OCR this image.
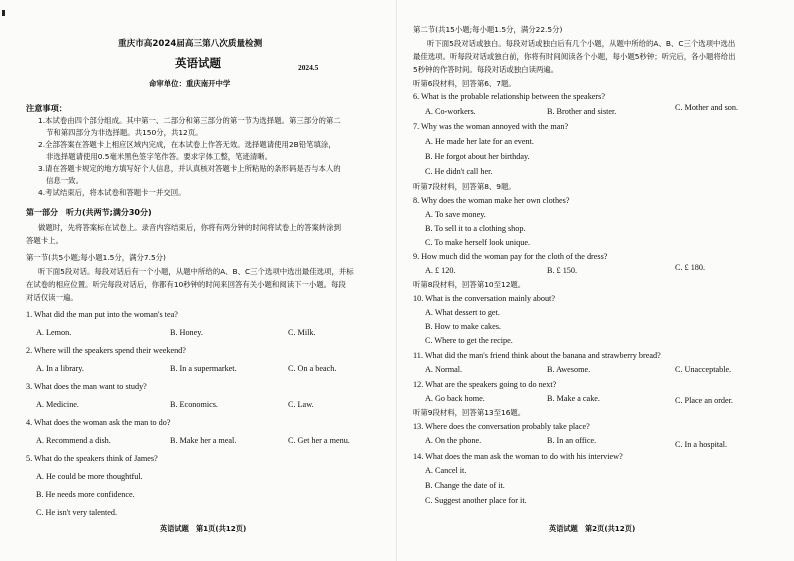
重庆市高2024届高三第八次质量检测
英语试题	2024.5
命审单位：重庆南开中学
注意事项：
1.本试卷由四个部分组成。其中第一、二部分和第三部分的第一节为选择题。第三部分的第二
节和第四部分为非选择题。共150分，共12页。
2.全部答案在答题卡上相应区域内完成，在本试卷上作答无效。选择题请使用2B铅笔填涂，
非选择题请使用0.5毫米黑色签字笔作答。要求字体工整，笔迹清晰。
3.请在答题卡规定的地方填写好个人信息，并认真核对答题卡上所粘贴的条形码是否与本人的
信息一致。
4.考试结束后，将本试卷和答题卡一并交回。
第一部分　听力(共两节;满分30分)
做题时，先将答案标在试卷上。录音内容结束后，你将有两分钟的时间将试卷上的答案转涂到
答题卡上。
第一节(共5小题;每小题1.5分，满分7.5分)
听下面5段对话。每段对话后有一个小题，从题中所给的A、B、C三个选项中选出最佳选项，并标
在试卷的相应位置。听完每段对话后，你都有10秒钟的时间来回答有关小题和阅读下一小题。每段
对话仅读一遍。
1. What did the man put into the woman's tea?
A. Lemon.	B. Honey.	C. Milk.
2. Where will the speakers spend their weekend?
A. In a library.	B. In a supermarket.	C. On a beach.
3. What does the man want to study?
A. Medicine.	B. Economics.	C. Law.
4. What does the woman ask the man to do?
A. Recommend a dish.	B. Make her a meal.	C. Get her a menu.
5. What do the speakers think of James?
A. He could be more thoughtful.
B. He needs more confidence.
C. He isn't very talented.
英语试题　第1页(共12页)
第二节(共15小题;每小题1.5分，满分22.5分)
听下面5段对话或独白。每段对话或独白后有几个小题，从题中所给的A、B、C三个选项中选出
最佳选项。听每段对话或独白前，你将有时间阅读各个小题，每小题5秒钟；听完后，各小题将给出
5秒钟的作答时间。每段对话或独白读两遍。
听第6段材料，回答第6、7题。
6. What is the probable relationship between the speakers?
A. Co-workers.	B. Brother and sister.	C. Mother and son.
7. Why was the woman annoyed with the man?
A. He made her late for an event.
B. He forgot about her birthday.
C. He didn't call her.
听第7段材料，回答第8、9题。
8. Why does the woman make her own clothes?
A. To save money.
B. To sell it to a clothing shop.
C. To make herself look unique.
9. How much did the woman pay for the cloth of the dress?
A. £ 120.	B. £ 150.	C. £ 180.
听第8段材料，回答第10至12题。
10. What is the conversation mainly about?
A. What dessert to get.
B. How to make cakes.
C. Where to get the recipe.
11. What did the man's friend think about the banana and strawberry bread?
A. Normal.	B. Awesome.	C. Unacceptable.
12. What are the speakers going to do next?
A. Go back home.	B. Make a cake.	C. Place an order.
听第9段材料，回答第13至16题。
13. Where does the conversation probably take place?
A. On the phone.	B. In an office.	C. In a hospital.
14. What does the man ask the woman to do with his interview?
A. Cancel it.
B. Change the date of it.
C. Suggest another place for it.
英语试题　第2页(共12页)
